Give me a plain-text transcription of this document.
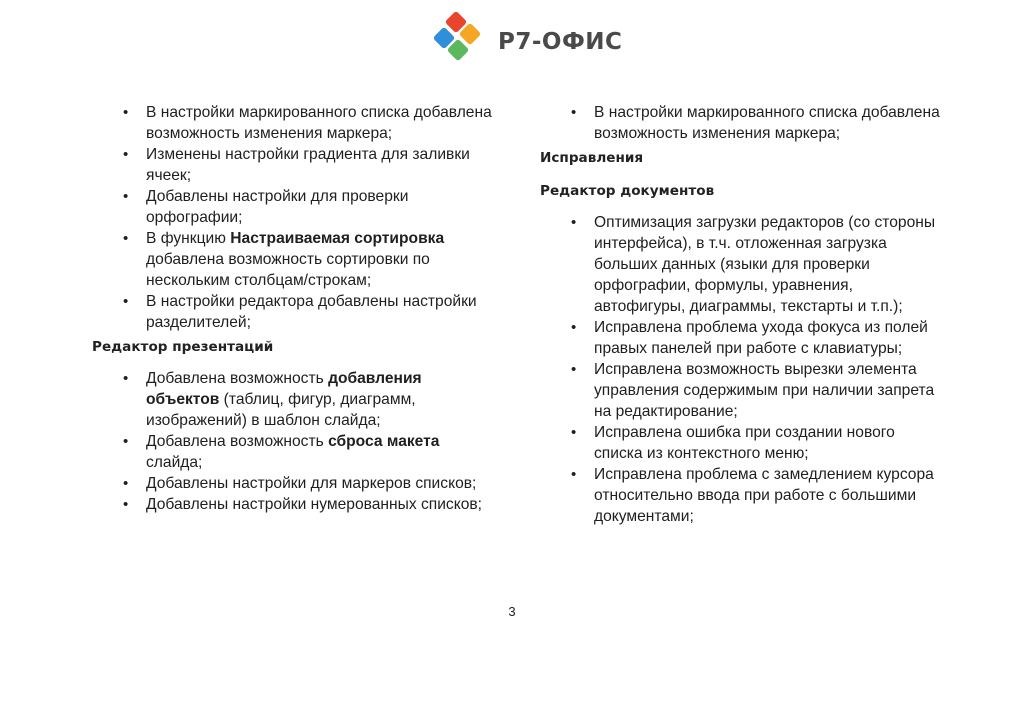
Р7-ОФИС
• В настройки маркированного списка добавлена возможность изменения маркера;
• Изменены настройки градиента для заливки ячеек;
• Добавлены настройки для проверки орфографии;
• В функцию Настраиваемая сортировка добавлена возможность сортировки по нескольким столбцам/строкам;
• В настройки редактора добавлены настройки разделителей;
Редактор презентаций
• Добавлена возможность добавления объектов (таблиц, фигур, диаграмм, изображений) в шаблон слайда;
• Добавлена возможность сброса макета слайда;
• Добавлены настройки для маркеров списков;
• Добавлены настройки нумерованных списков;
• В настройки маркированного списка добавлена возможность изменения маркера;
Исправления
Редактор документов
• Оптимизация загрузки редакторов (со стороны интерфейса), в т.ч. отложенная загрузка больших данных (языки для проверки орфографии, формулы, уравнения, автофигуры, диаграммы, текстарты и т.п.);
• Исправлена проблема ухода фокуса из полей правых панелей при работе с клавиатуры;
• Исправлена возможность вырезки элемента управления содержимым при наличии запрета на редактирование;
• Исправлена ошибка при создании нового списка из контекстного меню;
• Исправлена проблема с замедлением курсора относительно ввода при работе с большими документами;
3
